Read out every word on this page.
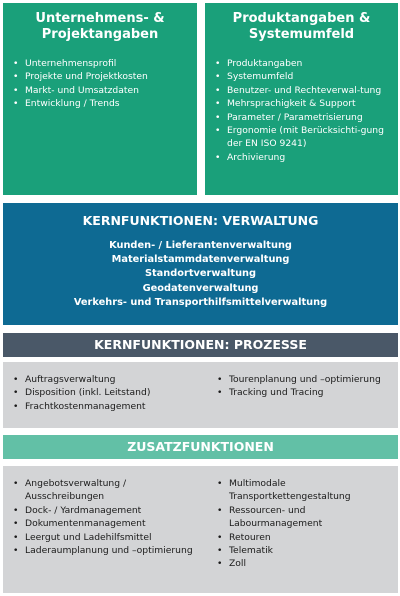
Unternehmens- &
Projektangaben
• Unternehmensprofil
• Projekte und Projektkosten
• Markt- und Umsatzdaten
• Entwicklung / Trends
Produktangaben &
Systemumfeld
• Produktangaben
• Systemumfeld
• Benutzer- und Rechteverwal-tung
• Mehrsprachigkeit & Support
• Parameter / Parametrisierung
• Ergonomie (mit Berücksichti-gung der EN ISO 9241)
• Archivierung
KERNFUNKTIONEN: VERWALTUNG
Kunden- / Lieferantenverwaltung
Materialstammdatenverwaltung
Standortverwaltung
Geodatenverwaltung
Verkehrs- und Transporthilfsmittelverwaltung
KERNFUNKTIONEN: PROZESSE
• Auftragsverwaltung
• Disposition (inkl. Leitstand)
• Frachtkostenmanagement
• Tourenplanung und –optimierung
• Tracking und Tracing
ZUSATZFUNKTIONEN
• Angebotsverwaltung / Ausschreibungen
• Dock- / Yardmanagement
• Dokumentenmanagement
• Leergut und Ladehilfsmittel
• Laderaumplanung und –optimierung
• Multimodale Transportkettengestaltung
• Ressourcen- und Labourmanagement
• Retouren
• Telematik
• Zoll
